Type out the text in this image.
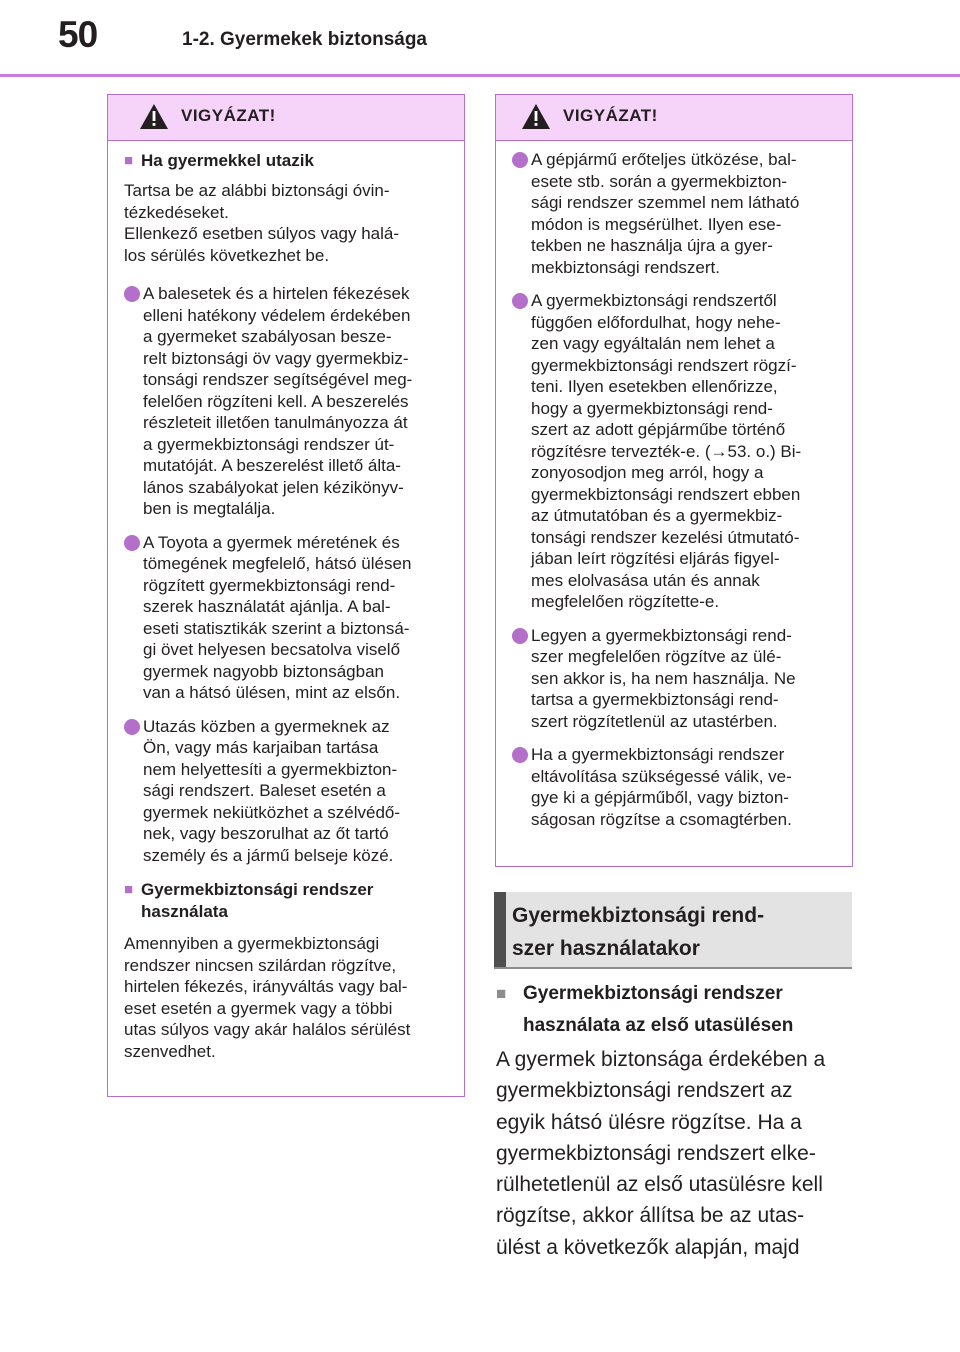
50	1-2. Gyermekek biztonsága
VIGYÁZAT!
■ Ha gyermekkel utazik
Tartsa be az alábbi biztonsági óvin-
tézkedéseket.
Ellenkező esetben súlyos vagy halá-
los sérülés következhet be.
A balesetek és a hirtelen fékezések
elleni hatékony védelem érdekében
a gyermeket szabályosan besze-
relt biztonsági öv vagy gyermekbiz-
tonsági rendszer segítségével meg-
felelően rögzíteni kell. A beszerelés
részleteit illetően tanulmányozza át
a gyermekbiztonsági rendszer út-
mutatóját. A beszerelést illető álta-
lános szabályokat jelen kézikönyv-
ben is megtalálja.
A Toyota a gyermek méretének és
tömegének megfelelő, hátsó ülésen
rögzített gyermekbiztonsági rend-
szerek használatát ajánlja. A bal-
eseti statisztikák szerint a biztonsá-
gi övet helyesen becsatolva viselő
gyermek nagyobb biztonságban
van a hátsó ülésen, mint az elsőn.
Utazás közben a gyermeknek az
Ön, vagy más karjaiban tartása
nem helyettesíti a gyermekbizton-
sági rendszert. Baleset esetén a
gyermek nekiütközhet a szélvédő-
nek, vagy beszorulhat az őt tartó
személy és a jármű belseje közé.
■ Gyermekbiztonsági rendszer
használata
Amennyiben a gyermekbiztonsági
rendszer nincsen szilárdan rögzítve,
hirtelen fékezés, irányváltás vagy bal-
eset esetén a gyermek vagy a többi
utas súlyos vagy akár halálos sérülést
szenvedhet.
VIGYÁZAT!
A gépjármű erőteljes ütközése, bal-
esete stb. során a gyermekbizton-
sági rendszer szemmel nem látható
módon is megsérülhet. Ilyen ese-
tekben ne használja újra a gyer-
mekbiztonsági rendszert.
A gyermekbiztonsági rendszertől
függően előfordulhat, hogy nehe-
zen vagy egyáltalán nem lehet a
gyermekbiztonsági rendszert rögzí-
teni. Ilyen esetekben ellenőrizze,
hogy a gyermekbiztonsági rend-
szert az adott gépjárműbe történő
rögzítésre tervezték-e. (→53. o.) Bi-
zonyosodjon meg arról, hogy a
gyermekbiztonsági rendszert ebben
az útmutatóban és a gyermekbiz-
tonsági rendszer kezelési útmutató-
jában leírt rögzítési eljárás figyel-
mes elolvasása után és annak
megfelelően rögzítette-e.
Legyen a gyermekbiztonsági rend-
szer megfelelően rögzítve az ülé-
sen akkor is, ha nem használja. Ne
tartsa a gyermekbiztonsági rend-
szert rögzítetlenül az utastérben.
Ha a gyermekbiztonsági rendszer
eltávolítása szükségessé válik, ve-
gye ki a gépjárműből, vagy bizton-
ságosan rögzítse a csomagtérben.
Gyermekbiztonsági rend-
szer használatakor
■ Gyermekbiztonsági rendszer
használata az első utasülésen
A gyermek biztonsága érdekében a
gyermekbiztonsági rendszert az
egyik hátsó ülésre rögzítse. Ha a
gyermekbiztonsági rendszert elke-
rülhetetlenül az első utasülésre kell
rögzítse, akkor állítsa be az utas-
ülést a következők alapján, majd
